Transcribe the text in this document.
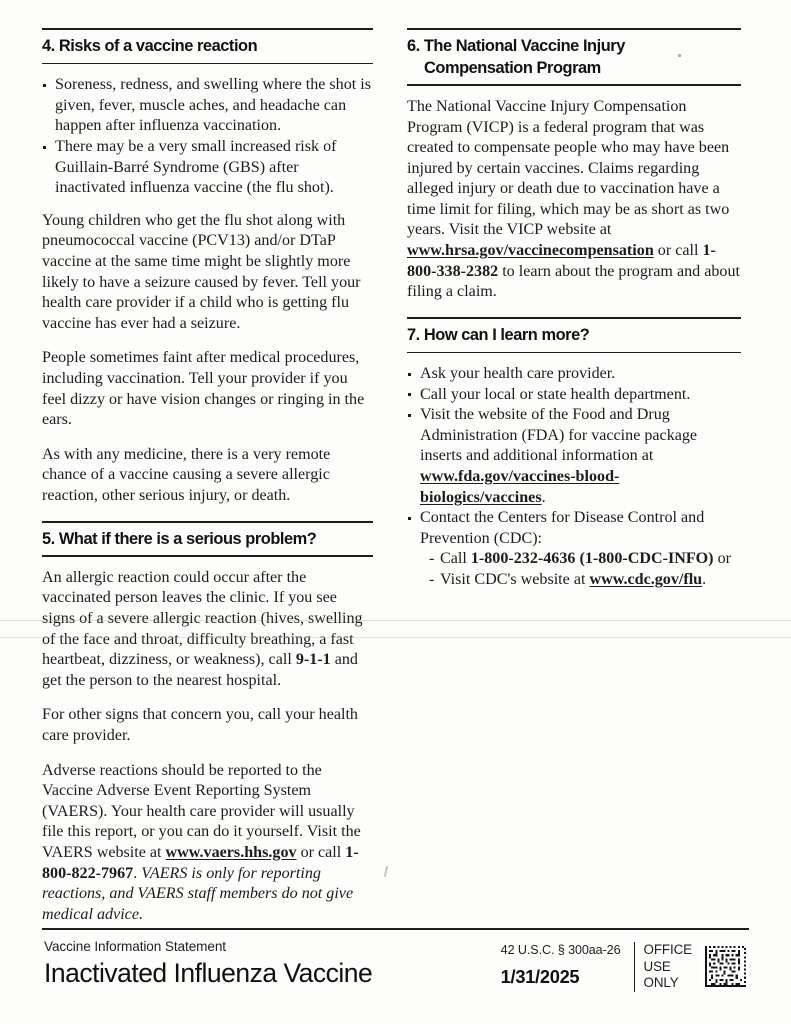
4. Risks of a vaccine reaction
Soreness, redness, and swelling where the shot is given, fever, muscle aches, and headache can happen after influenza vaccination.
There may be a very small increased risk of Guillain-Barré Syndrome (GBS) after inactivated influenza vaccine (the flu shot).

Young children who get the flu shot along with pneumococcal vaccine (PCV13) and/or DTaP vaccine at the same time might be slightly more likely to have a seizure caused by fever. Tell your health care provider if a child who is getting flu vaccine has ever had a seizure.

People sometimes faint after medical procedures, including vaccination. Tell your provider if you feel dizzy or have vision changes or ringing in the ears.

As with any medicine, there is a very remote chance of a vaccine causing a severe allergic reaction, other serious injury, or death.

5. What if there is a serious problem?

An allergic reaction could occur after the vaccinated person leaves the clinic. If you see signs of a severe allergic reaction (hives, swelling of the face and throat, difficulty breathing, a fast heartbeat, dizziness, or weakness), call 9-1-1 and get the person to the nearest hospital.

For other signs that concern you, call your health care provider.

Adverse reactions should be reported to the Vaccine Adverse Event Reporting System (VAERS). Your health care provider will usually file this report, or you can do it yourself. Visit the VAERS website at www.vaers.hhs.gov or call 1-800-822-7967. VAERS is only for reporting reactions, and VAERS staff members do not give medical advice.

6. The National Vaccine Injury
Compensation Program

The National Vaccine Injury Compensation Program (VICP) is a federal program that was created to compensate people who may have been injured by certain vaccines. Claims regarding alleged injury or death due to vaccination have a time limit for filing, which may be as short as two years. Visit the VICP website at www.hrsa.gov/vaccinecompensation or call 1-800-338-2382 to learn about the program and about filing a claim.

7. How can I learn more?
Ask your health care provider.
Call your local or state health department.
Visit the website of the Food and Drug Administration (FDA) for vaccine package inserts and additional information at www.fda.gov/vaccines-blood-biologics/vaccines.
Contact the Centers for Disease Control and Prevention (CDC):
- Call 1-800-232-4636 (1-800-CDC-INFO) or
- Visit CDC's website at www.cdc.gov/flu.
Vaccine Information Statement
Inactivated Influenza Vaccine
42 U.S.C. § 300aa-26
1/31/2025
OFFICE
USE
ONLY
